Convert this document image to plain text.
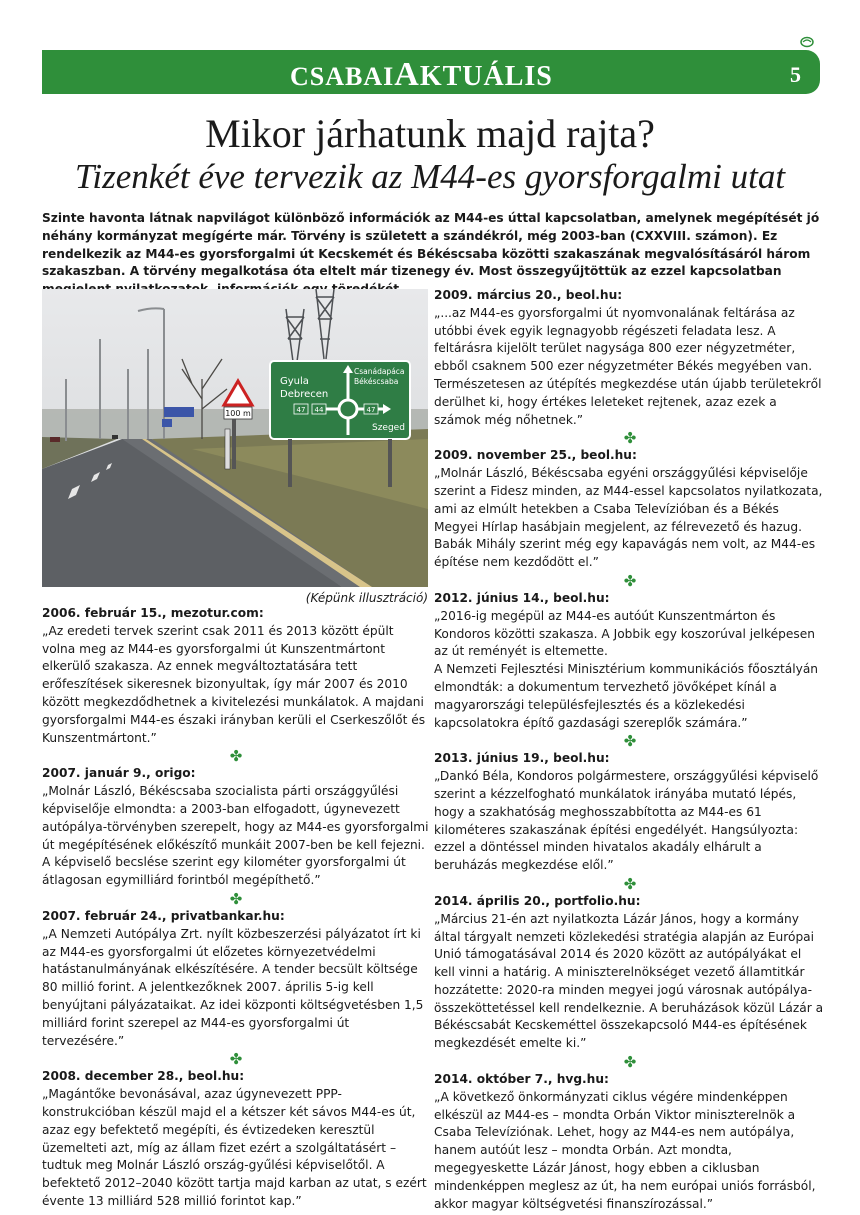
CSABAIAKTUÁLIS	5
Mikor járhatunk majd rajta?
Tizenkét éve tervezik az M44-es gyorsforgalmi utat

Szinte havonta látnak napvilágot különböző információk az M44-es úttal kapcsolatban, amelynek megépítését jó néhány kormányzat megígérte már. Törvény is született a szándékról, még 2003-ban (CXXVIII. számon). Ez rendelkezik az M44-es gyorsforgalmi út Kecskemét és Békéscsaba közötti szakaszának megvalósításáról három szakaszban. A törvény megalkotása óta eltelt már tizenegy év. Most összegyűjtöttük az ezzel kapcsolatban

100 m
Gyula
Debrecen
Csanádapáca
Békéscsaba
Szeged
44
47	47

(Képünk illusztráció)

2006. február 15., mezotur.com:

„Az eredeti tervek szerint csak 2011 és 2013 között épült volna meg az M44-es gyorsforgalmi út Kunszentmártont elkerülő szakasza. Az ennek megváltoztatására tett erőfeszítések sikeresnek bizonyultak, így már 2007 és 2010 között megkezdődhetnek a kivitelezési munkálatok. A majdani gyorsforgalmi M44-es északi irányban kerüli el Cserkeszőlőt és Kunszentmártont.”

✤

2007. január 9., origo:

„Molnár László, Békéscsaba szocialista párti országgyűlési képviselője elmondta: a 2003-ban elfogadott, úgynevezett autópálya-törvényben szerepelt, hogy az M44-es gyorsforgalmi út megépítésének előkészítő munkáit 2007-ben be kell fejezni. A képviselő becslése szerint egy kilométer gyorsforgalmi út átlagosan egymilliárd forintból megépíthető.”

✤

2007. február 24., privatbankar.hu:

„A Nemzeti Autópálya Zrt. nyílt közbeszerzési pályázatot írt ki az M44-es gyorsforgalmi út előzetes környezetvédelmi hatástanulmányának elkészítésére. A tender becsült költsége 80 millió forint. A jelentkezőknek 2007. április 5-ig kell benyújtani pályázataikat. Az idei központi költségvetésben 1,5 milliárd forint szerepel az M44-es gyorsforgalmi út tervezésére.”

✤

2008. december 28., beol.hu:

„Magántőke bevonásával, azaz úgynevezett PPP-konstrukcióban készül majd el a kétszer két sávos M44-es út, azaz egy befektető megépíti, és évtizedeken keresztül üzemelteti azt, míg az állam fizet ezért a szolgáltatásért – tudtuk meg Molnár László ország-gyűlési képviselőtől. A befektető 2012–2040 között tartja majd karban az utat, s ezért évente 13 milliárd 528 millió forintot kap.”

2009. március 20., beol.hu:

„...az M44-es gyorsforgalmi út nyomvonalának feltárása az utóbbi évek egyik legnagyobb régészeti feladata lesz. A feltárásra kijelölt terület nagysága 800 ezer négyzetméter, ebből csaknem 500 ezer négyzetméter Békés megyében van. Természetesen az útépítés megkezdése után újabb területekről derülhet ki, hogy értékes leleteket rejtenek, azaz ezek a számok még nőhetnek.”

✤

2009. november 25., beol.hu:

„Molnár László, Békéscsaba egyéni országgyűlési képviselője szerint a Fidesz minden, az M44-essel kapcsolatos nyilatkozata, ami az elmúlt hetekben a Csaba Televízióban és a Békés Megyei Hírlap hasábjain megjelent, az félrevezető és hazug. Babák Mihály szerint még egy kapavágás nem volt, az M44-es építése nem kezdődött el.”

✤

2012. június 14., beol.hu:

„2016-ig megépül az M44-es autóút Kunszentmárton és Kondoros közötti szakasza. A Jobbik egy koszorúval jelképesen az út reményét is eltemette.

A Nemzeti Fejlesztési Minisztérium kommunikációs főosztályán elmondták: a dokumentum tervezhető jövőképet kínál a magyarországi településfejlesztés és a közlekedési kapcsolatokra építő gazdasági szereplők számára.”

✤

2013. június 19., beol.hu:

„Dankó Béla, Kondoros polgármestere, országgyűlési képviselő szerint a kézzelfogható munkálatok irányába mutató lépés, hogy a szakhatóság meghosszabbította az M44-es 61 kilométeres szakaszának építési engedélyét. Hangsúlyozta: ezzel a döntéssel minden hivatalos akadály elhárult a beruházás megkezdése elől.”

✤

2014. április 20., portfolio.hu:

„Március 21-én azt nyilatkozta Lázár János, hogy a kormány által tárgyalt nemzeti közlekedési stratégia alapján az Európai Unió támogatásával 2014 és 2020 között az autópályákat el kell vinni a határig. A miniszterelnökséget vezető államtitkár hozzátette: 2020-ra minden megyei jogú városnak autópálya-összeköttetéssel kell rendelkeznie. A beruházások közül Lázár a Békéscsabát Kecskeméttel összekapcsoló M44-es építésének megkezdését emelte ki.”

✤

2014. október 7., hvg.hu:

„A következő önkormányzati ciklus végére mindenképpen elkészül az M44-es – mondta Orbán Viktor miniszterelnök a Csaba Televíziónak. Lehet, hogy az M44-es nem autópálya, hanem autóút lesz – mondta Orbán. Azt mondta, megegyeskette Lázár Jánost, hogy ebben a ciklusban mindenképpen meglesz az út, ha nem európai uniós forrásból, akkor magyar költségvetési finanszírozással.”
